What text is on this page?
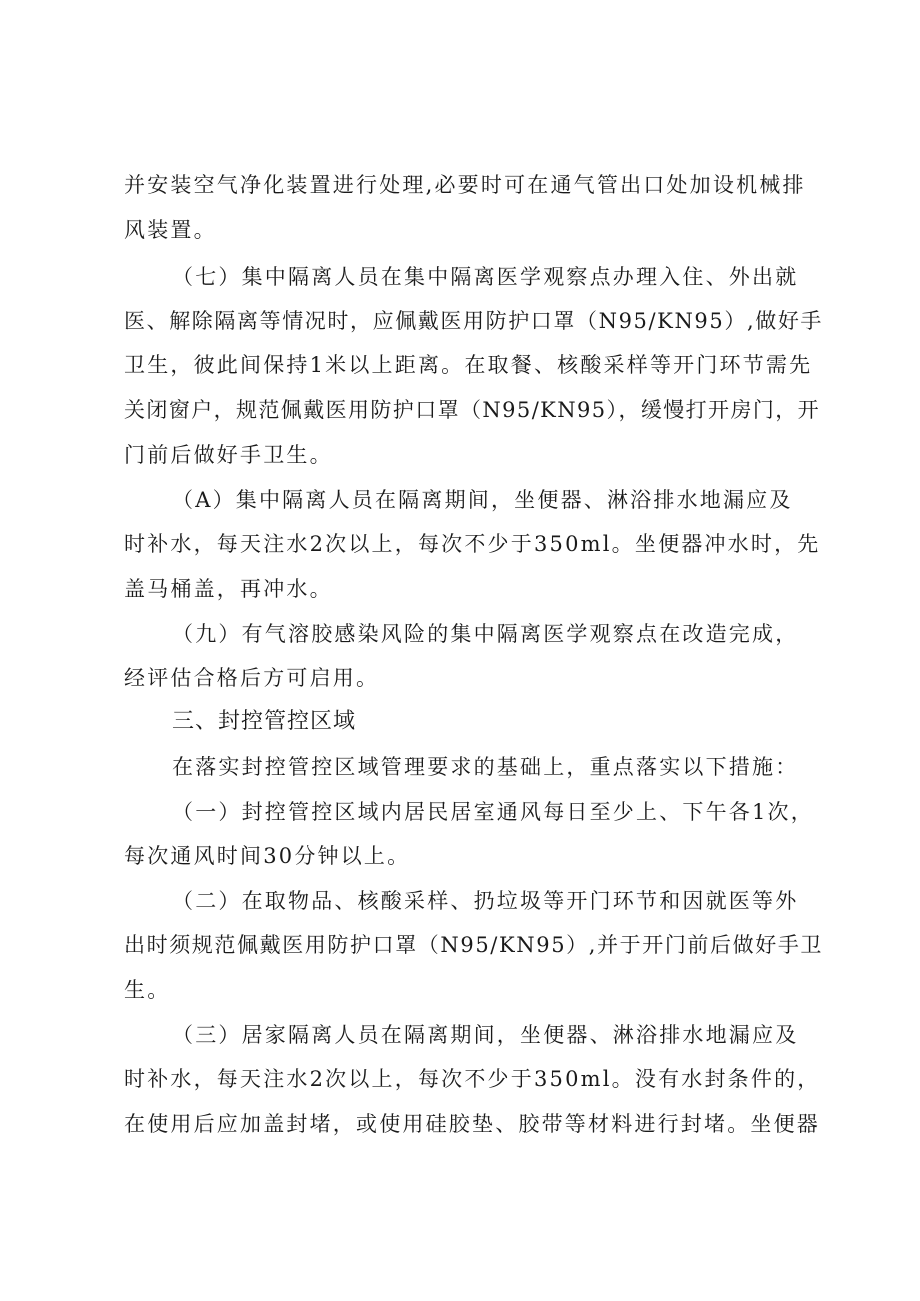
并安装空气净化装置进行处理,必要时可在通气管出口处加设机械排
风装置。
（七）集中隔离人员在集中隔离医学观察点办理入住、外出就
医、解除隔离等情况时，应佩戴医用防护口罩（N95/KN95）,做好手
卫生，彼此间保持1米以上距离。在取餐、核酸采样等开门环节需先
关闭窗户，规范佩戴医用防护口罩（N95/KN95），缓慢打开房门，开
门前后做好手卫生。
（A）集中隔离人员在隔离期间，坐便器、淋浴排水地漏应及
时补水，每天注水2次以上，每次不少于350ml。坐便器冲水时，先
盖马桶盖，再冲水。
（九）有气溶胶感染风险的集中隔离医学观察点在改造完成，
经评估合格后方可启用。
三、封控管控区域
在落实封控管控区域管理要求的基础上，重点落实以下措施：
（一）封控管控区域内居民居室通风每日至少上、下午各1次，
每次通风时间30分钟以上。
（二）在取物品、核酸采样、扔垃圾等开门环节和因就医等外
出时须规范佩戴医用防护口罩（N95/KN95）,并于开门前后做好手卫
生。
（三）居家隔离人员在隔离期间，坐便器、淋浴排水地漏应及
时补水，每天注水2次以上，每次不少于350ml。没有水封条件的，
在使用后应加盖封堵，或使用硅胶垫、胶带等材料进行封堵。坐便器
